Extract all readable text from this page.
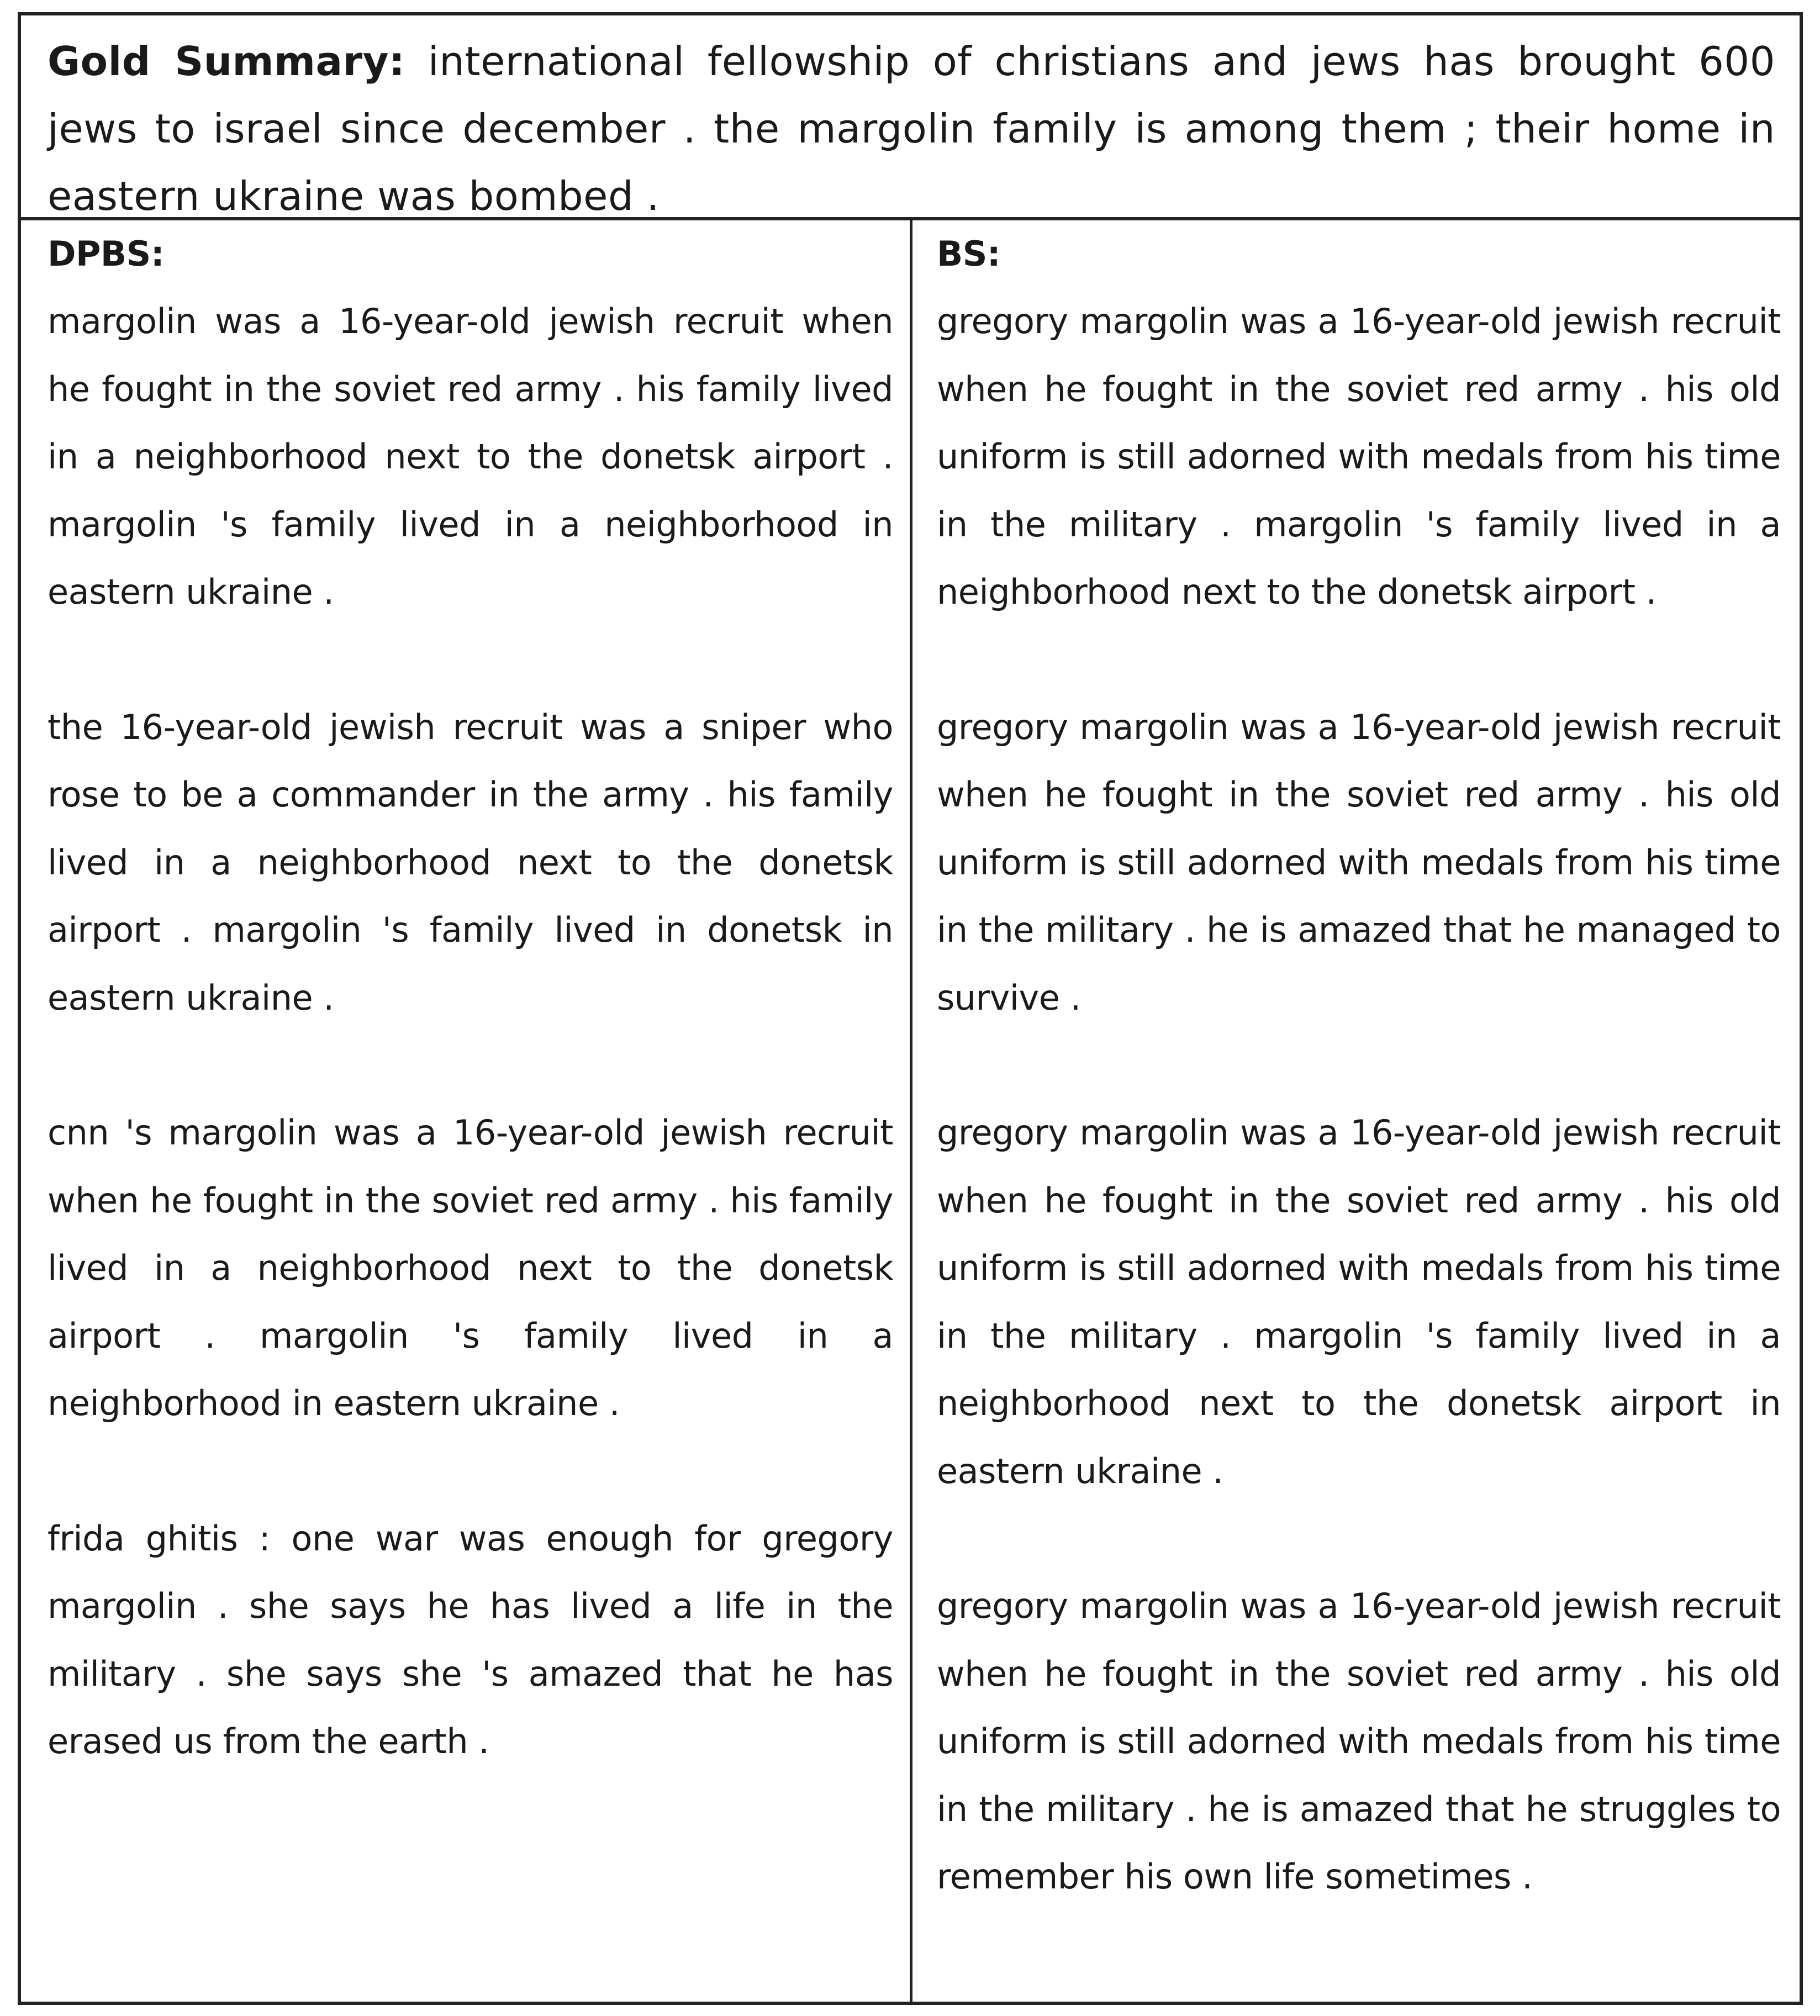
Gold Summary: international fellowship of christians and jews has brought 600 jews to israel since december . the margolin family is among them ; their home in eastern ukraine was bombed .

DPBS:

margolin was a 16-year-old jewish recruit when he fought in the soviet red army . his family lived in a neighborhood next to the donetsk airport . margolin 's family lived in a neighborhood in eastern ukraine .

the 16-year-old jewish recruit was a sniper who rose to be a commander in the army . his family lived in a neighborhood next to the donetsk airport . margolin 's family lived in donetsk in eastern ukraine .

cnn 's margolin was a 16-year-old jewish recruit when he fought in the soviet red army . his family lived in a neighborhood next to the donetsk airport . margolin 's family lived in a neighborhood in eastern ukraine .

frida ghitis : one war was enough for gregory margolin . she says he has lived a life in the military . she says she 's amazed that he has erased us from the earth .

BS:

gregory margolin was a 16-year-old jewish recruit when he fought in the soviet red army . his old uniform is still adorned with medals from his time in the military . margolin 's family lived in a neighborhood next to the donetsk airport .

gregory margolin was a 16-year-old jewish recruit when he fought in the soviet red army . his old uniform is still adorned with medals from his time in the military . he is amazed that he managed to survive .

gregory margolin was a 16-year-old jewish recruit when he fought in the soviet red army . his old uniform is still adorned with medals from his time in the military . margolin 's family lived in a neighborhood next to the donetsk airport in eastern ukraine .

gregory margolin was a 16-year-old jewish recruit when he fought in the soviet red army . his old uniform is still adorned with medals from his time in the military . he is amazed that he struggles to remember his own life sometimes .
